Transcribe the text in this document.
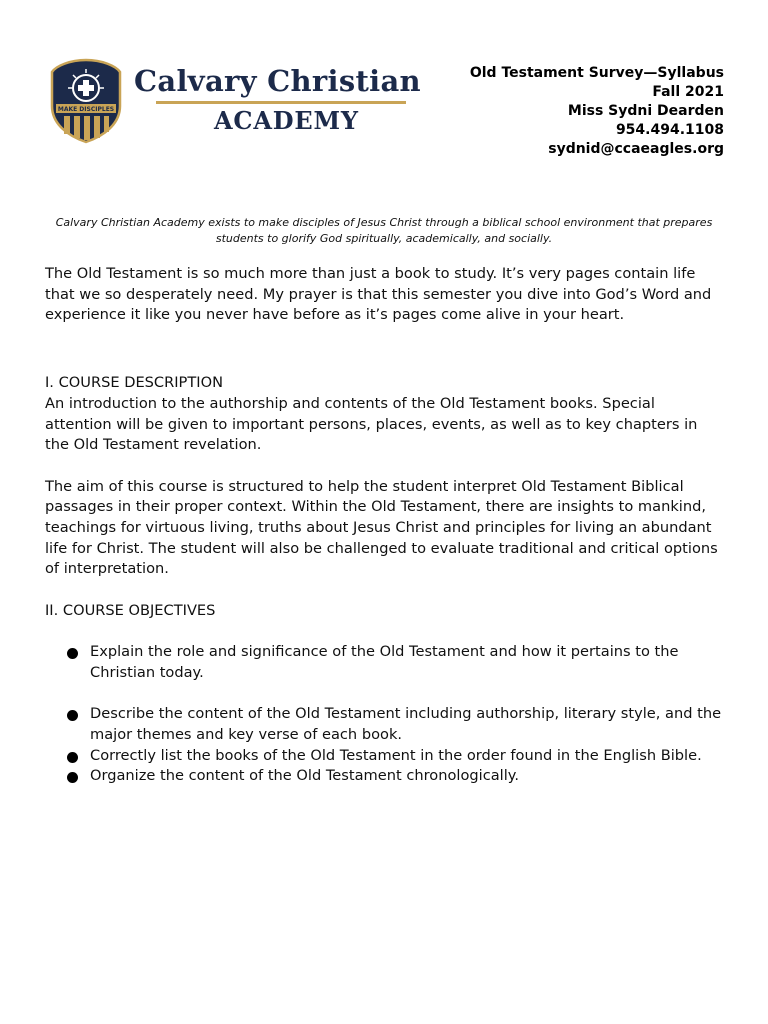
MAKE DISCIPLES
Calvary Christian
ACADEMY
Old Testament Survey—Syllabus
Fall 2021
Miss Sydni Dearden
954.494.1108
sydnid@ccaeagles.org
Calvary Christian Academy exists to make disciples of Jesus Christ through a biblical school environment that prepares students to glorify God spiritually, academically, and socially.

The Old Testament is so much more than just a book to study. It’s very pages contain life that we so desperately need. My prayer is that this semester you dive into God’s Word and experience it like you never have before as it’s pages come alive in your heart.

I. COURSE DESCRIPTION

An introduction to the authorship and contents of the Old Testament books. Special attention will be given to important persons, places, events, as well as to key chapters in the Old Testament revelation.

The aim of this course is structured to help the student interpret Old Testament Biblical passages in their proper context. Within the Old Testament, there are insights to mankind, teachings for virtuous living, truths about Jesus Christ and principles for living an abundant life for Christ. The student will also be challenged to evaluate traditional and critical options of interpretation.

II. COURSE OBJECTIVES

Explain the role and significance of the Old Testament and how it pertains to the Christian today.
Describe the content of the Old Testament including authorship, literary style, and the major themes and key verse of each book.
Correctly list the books of the Old Testament in the order found in the English Bible.
Organize the content of the Old Testament chronologically.
